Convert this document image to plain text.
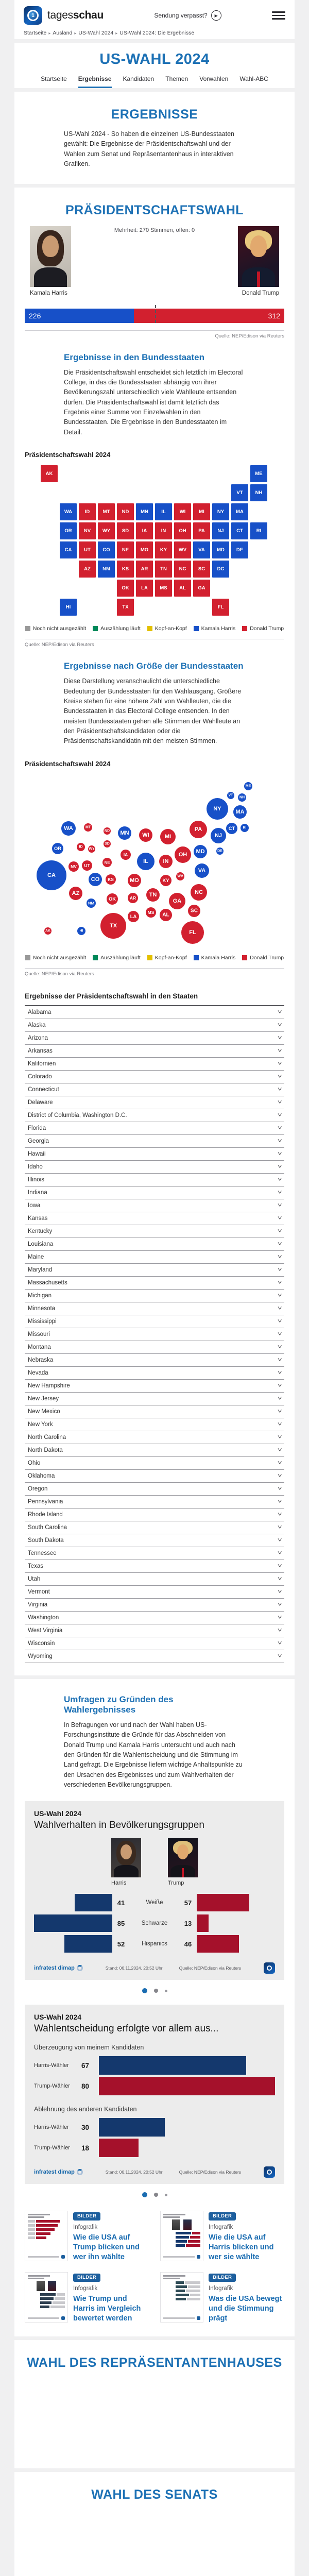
1 tagesschau	Sendung verpasst?	▶
Startseite ▸ Ausland ▸ US-Wahl 2024 ▸ US-Wahl 2024: Die Ergebnisse
US-WAHL 2024
Startseite Ergebnisse Kandidaten Themen Vorwahlen Wahl-ABC
ERGEBNISSE

US-Wahl 2024 - So haben die einzelnen US-Bundesstaaten gewählt: Die Ergebnisse der Präsidentschaftswahl und der Wahlen zum Senat und Repräsentantenhaus in interaktiven Grafiken.

PRÄSIDENTSCHAFTSWAHL
Mehrheit: 270 Stimmen, offen: 0
Kamala Harris	Donald Trump
226	312
Quelle: NEP/Edison via Reuters
Ergebnisse in den Bundesstaaten

Die Präsidentschaftswahl entscheidet sich letztlich im Electoral College, in das die Bundesstaaten abhängig von ihrer Bevölkerungszahl unterschiedlich viele Wahlleute entsenden dürfen. Die Präsidentschaftswahl ist damit letztlich das Ergebnis einer Summe von Einzelwahlen in den Bundesstaaten. Die Ergebnisse in den Bundesstaaten im Detail.

Präsidentschaftswahl 2024
AK	ME
VT	NH
WA	ID	MT	ND	MN	IL	WI	MI	NY	MA
OR	NV	WY	SD	IA	IN	OH	PA	NJ	CT	RI
CA	UT	CO	NE	MO	KY	WV	VA	MD	DE
AZ	NM	KS	AR	TN	NC	SC	DC
OK	LA	MS	AL	GA
HI	TX	FL
Noch nicht ausgezählt	Auszählung läuft	Kopf-an-Kopf	Kamala Harris	Donald Trump
Quelle: NEP/Edison via Reuters
Ergebnisse nach Größe der Bundesstaaten

Diese Darstellung veranschaulicht die unterschiedliche Bedeutung der Bundesstaaten für den Wahlausgang. Größere Kreise stehen für eine höhere Zahl von Wahlleuten, die die Bundesstaaten in das Electoral College entsenden. In den meisten Bundesstaaten gehen alle Stimmen der Wahlleute an den Präsidentschaftskandidaten oder die Präsidentschaftskandidatin mit den meisten Stimmen.

Präsidentschaftswahl 2024
ME
VT
NH
NY	MA
CT RI
WA	MT
ND MN WI	MI
PA
NJ
OR	ID
WY
SD
IA	OH MD	DE
NV UT
NE	IL	IN
VA
CA
CO KS	MO	KY
WV
AZ
NM
OK	AR TN	NC
GA
SC
MS AL
LA
TX
FL
AK	HI
Noch nicht ausgezählt	Auszählung läuft	Kopf-an-Kopf	Kamala Harris	Donald Trump
Quelle: NEP/Edison via Reuters
Ergebnisse der Präsidentschaftswahl in den Staaten
Alabama	˅
Alaska	˅
Arizona	˅
Arkansas	˅
Kalifornien	˅
Colorado	˅
Connecticut	˅
Delaware	˅
District of Columbia, Washington D.C.	˅
Florida	˅
Georgia	˅
Hawaii	˅
Idaho	˅
Illinois	˅
Indiana	˅
Iowa	˅
Kansas	˅
Kentucky	˅
Louisiana	˅
Maine	˅
Maryland	˅
Massachusetts	˅
Michigan	˅
Minnesota	˅
Mississippi	˅
Missouri	˅
Montana	˅
Nebraska	˅
Nevada	˅
New Hampshire	˅
New Jersey	˅
New Mexico	˅
New York	˅
North Carolina	˅
North Dakota	˅
Ohio	˅
Oklahoma	˅
Oregon	˅
Pennsylvania	˅
Rhode Island	˅
South Carolina	˅
South Dakota	˅
Tennessee	˅
Texas	˅
Utah	˅
Vermont	˅
Virginia	˅
Washington	˅
West Virginia	˅
Wisconsin	˅
Wyoming	˅
Umfragen zu Gründen des Wahlergebnisses

In Befragungen vor und nach der Wahl haben US-Forschungsinstitute die Gründe für das Abschneiden von Donald Trump und Kamala Harris untersucht und auch nach den Gründen für die Wahlentscheidung und die Stimmung im Land gefragt. Die Ergebnisse liefern wichtige Anhaltspunkte zu den Ursachen des Ergebnisses und zum Wahlverhalten der verschiedenen Bevölkerungsgruppen.

US-Wahl 2024
Wahlverhalten in Bevölkerungsgruppen
Harris	Trump
41	Weiße	57
85	Schwarze	13
52	Hispanics	46
infratest dimap	Stand: 06.11.2024, 20:52 Uhr	Quelle: NEP/Edison via Reuters
US-Wahl 2024
Wahlentscheidung erfolgte vor allem aus...
Überzeugung von meinem Kandidaten
Harris-Wähler	67
Trump-Wähler	80
Ablehnung des anderen Kandidaten
Harris-Wähler	30
Trump-Wähler	18
infratest dimap	Stand: 06.11.2024, 20:52 Uhr	Quelle: NEP/Edison via Reuters
BILDER
Infografik
Wie die USA auf Trump blicken und wer ihn wählte
BILDER
Infografik
Wie die USA auf Harris blicken und wer sie wählte
BILDER
Infografik
Wie Trump und Harris im Vergleich bewertet werden
BILDER
Infografik
Was die USA bewegt und die Stimmung prägt
WAHL DES REPRÄSENTANTENHAUSES
WAHL DES SENATS
